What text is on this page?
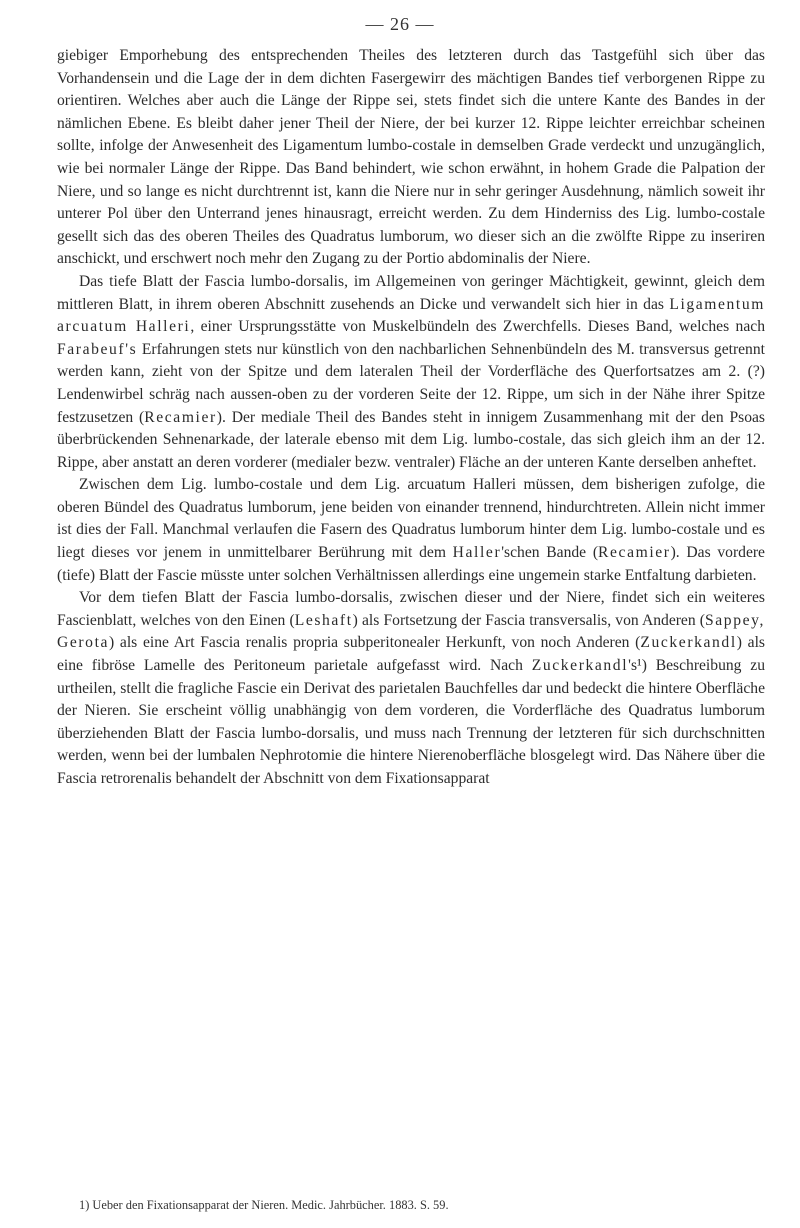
— 26 —

giebiger Emporhebung des entsprechenden Theiles des letzteren durch das Tastgefühl sich über das Vorhandensein und die Lage der in dem dichten Fasergewirr des mächtigen Bandes tief verborgenen Rippe zu orientiren. Welches aber auch die Länge der Rippe sei, stets findet sich die untere Kante des Bandes in der nämlichen Ebene. Es bleibt daher jener Theil der Niere, der bei kurzer 12. Rippe leichter erreichbar scheinen sollte, infolge der Anwesenheit des Ligamentum lumbo-costale in demselben Grade verdeckt und unzugänglich, wie bei normaler Länge der Rippe. Das Band behindert, wie schon erwähnt, in hohem Grade die Palpation der Niere, und so lange es nicht durchtrennt ist, kann die Niere nur in sehr geringer Ausdehnung, nämlich soweit ihr unterer Pol über den Unterrand jenes hinausragt, erreicht werden. Zu dem Hinderniss des Lig. lumbo-costale gesellt sich das des oberen Theiles des Quadratus lumborum, wo dieser sich an die zwölfte Rippe zu inseriren anschickt, und erschwert noch mehr den Zugang zu der Portio abdominalis der Niere.

Das tiefe Blatt der Fascia lumbo-dorsalis, im Allgemeinen von geringer Mächtigkeit, gewinnt, gleich dem mittleren Blatt, in ihrem oberen Abschnitt zusehends an Dicke und verwandelt sich hier in das Ligamentum arcuatum Halleri, einer Ursprungsstätte von Muskelbündeln des Zwerchfells. Dieses Band, welches nach Farabeuf's Erfahrungen stets nur künstlich von den nachbarlichen Sehnenbündeln des M. transversus getrennt werden kann, zieht von der Spitze und dem lateralen Theil der Vorderfläche des Querfortsatzes am 2. (?) Lendenwirbel schräg nach aussen-oben zu der vorderen Seite der 12. Rippe, um sich in der Nähe ihrer Spitze festzusetzen (Recamier). Der mediale Theil des Bandes steht in innigem Zusammenhang mit der den Psoas überbrückenden Sehnenarkade, der laterale ebenso mit dem Lig. lumbo-costale, das sich gleich ihm an der 12. Rippe, aber anstatt an deren vorderer (medialer bezw. ventraler) Fläche an der unteren Kante derselben anheftet.

Zwischen dem Lig. lumbo-costale und dem Lig. arcuatum Halleri müssen, dem bisherigen zufolge, die oberen Bündel des Quadratus lumborum, jene beiden von einander trennend, hindurchtreten. Allein nicht immer ist dies der Fall. Manchmal verlaufen die Fasern des Quadratus lumborum hinter dem Lig. lumbo-costale und es liegt dieses vor jenem in unmittelbarer Berührung mit dem Haller'schen Bande (Recamier). Das vordere (tiefe) Blatt der Fascie müsste unter solchen Verhältnissen allerdings eine ungemein starke Entfaltung darbieten.

Vor dem tiefen Blatt der Fascia lumbo-dorsalis, zwischen dieser und der Niere, findet sich ein weiteres Fascienblatt, welches von den Einen (Leshaft) als Fortsetzung der Fascia transversalis, von Anderen (Sappey, Gerota) als eine Art Fascia renalis propria subperitonealer Herkunft, von noch Anderen (Zuckerkandl) als eine fibröse Lamelle des Peritoneum parietale aufgefasst wird. Nach Zuckerkandl's¹) Beschreibung zu urtheilen, stellt die fragliche Fascie ein Derivat des parietalen Bauchfelles dar und bedeckt die hintere Oberfläche der Nieren. Sie erscheint völlig unabhängig von dem vorderen, die Vorderfläche des Quadratus lumborum überziehenden Blatt der Fascia lumbo-dorsalis, und muss nach Trennung der letzteren für sich durchschnitten werden, wenn bei der lumbalen Nephrotomie die hintere Nierenoberfläche blosgelegt wird. Das Nähere über die Fascia retrorenalis behandelt der Abschnitt von dem Fixationsapparat

1) Ueber den Fixationsapparat der Nieren. Medic. Jahrbücher. 1883. S. 59.
